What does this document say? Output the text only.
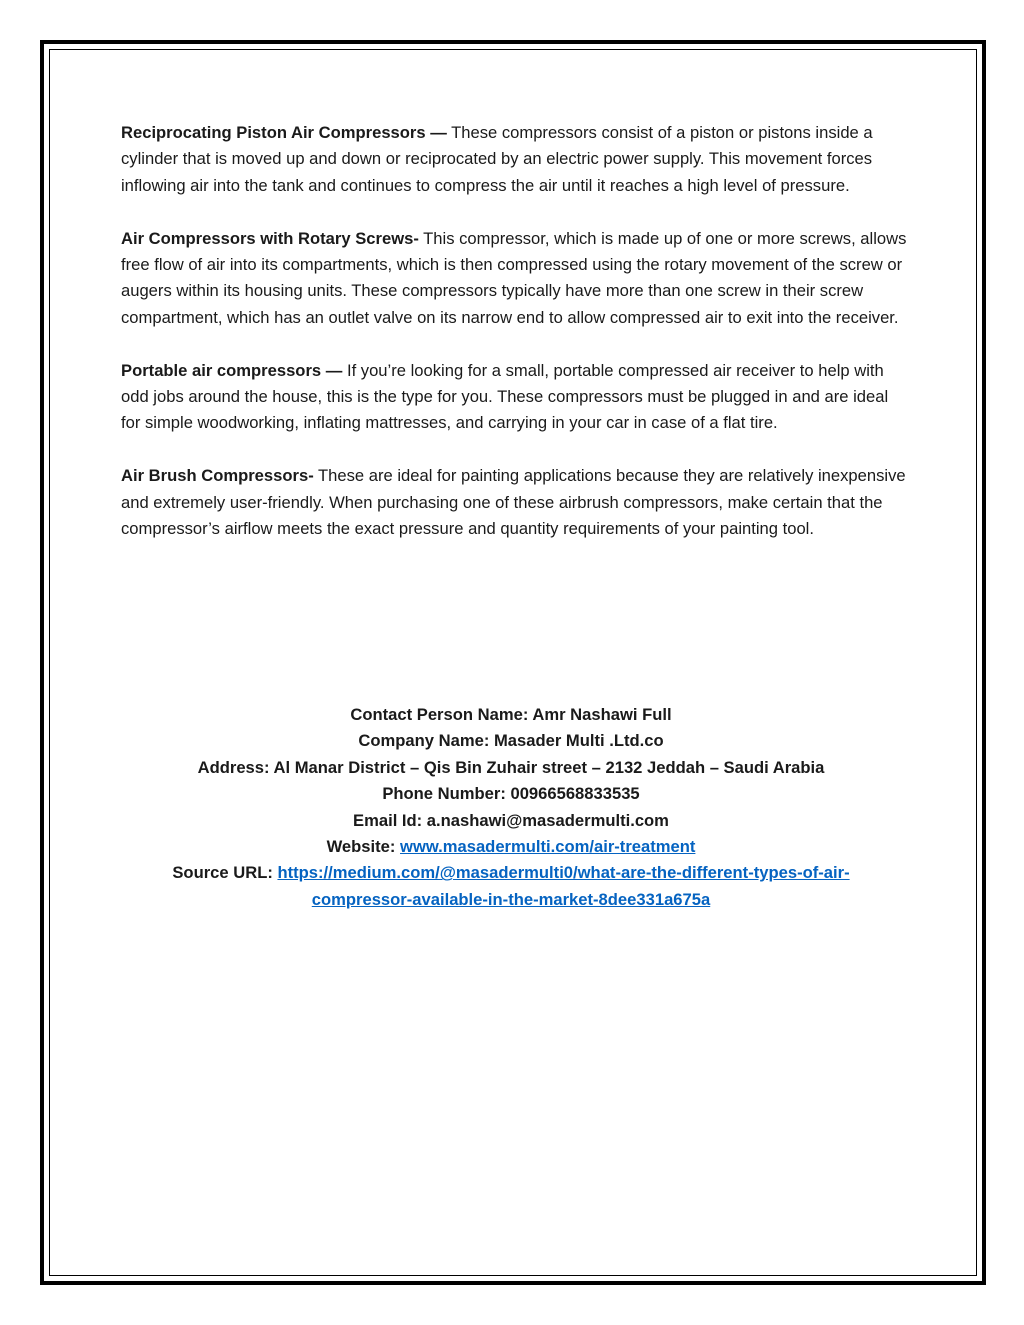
Reciprocating Piston Air Compressors — These compressors consist of a piston or pistons inside a cylinder that is moved up and down or reciprocated by an electric power supply. This movement forces inflowing air into the tank and continues to compress the air until it reaches a high level of pressure.

Air Compressors with Rotary Screws- This compressor, which is made up of one or more screws, allows free flow of air into its compartments, which is then compressed using the rotary movement of the screw or augers within its housing units. These compressors typically have more than one screw in their screw compartment, which has an outlet valve on its narrow end to allow compressed air to exit into the receiver.

Portable air compressors — If you’re looking for a small, portable compressed air receiver to help with odd jobs around the house, this is the type for you. These compressors must be plugged in and are ideal for simple woodworking, inflating mattresses, and carrying in your car in case of a flat tire.

Air Brush Compressors- These are ideal for painting applications because they are relatively inexpensive and extremely user-friendly. When purchasing one of these airbrush compressors, make certain that the compressor’s airflow meets the exact pressure and quantity requirements of your painting tool.

Contact Person Name: Amr Nashawi Full
Company Name: Masader Multi .Ltd.co
Address: Al Manar District – Qis Bin Zuhair street – 2132 Jeddah – Saudi Arabia
Phone Number: 00966568833535
Email Id: a.nashawi@masadermulti.com
Website: www.masadermulti.com/air-treatment
Source URL: https://medium.com/@masadermulti0/what-are-the-different-types-of-air-
compressor-available-in-the-market-8dee331a675a
